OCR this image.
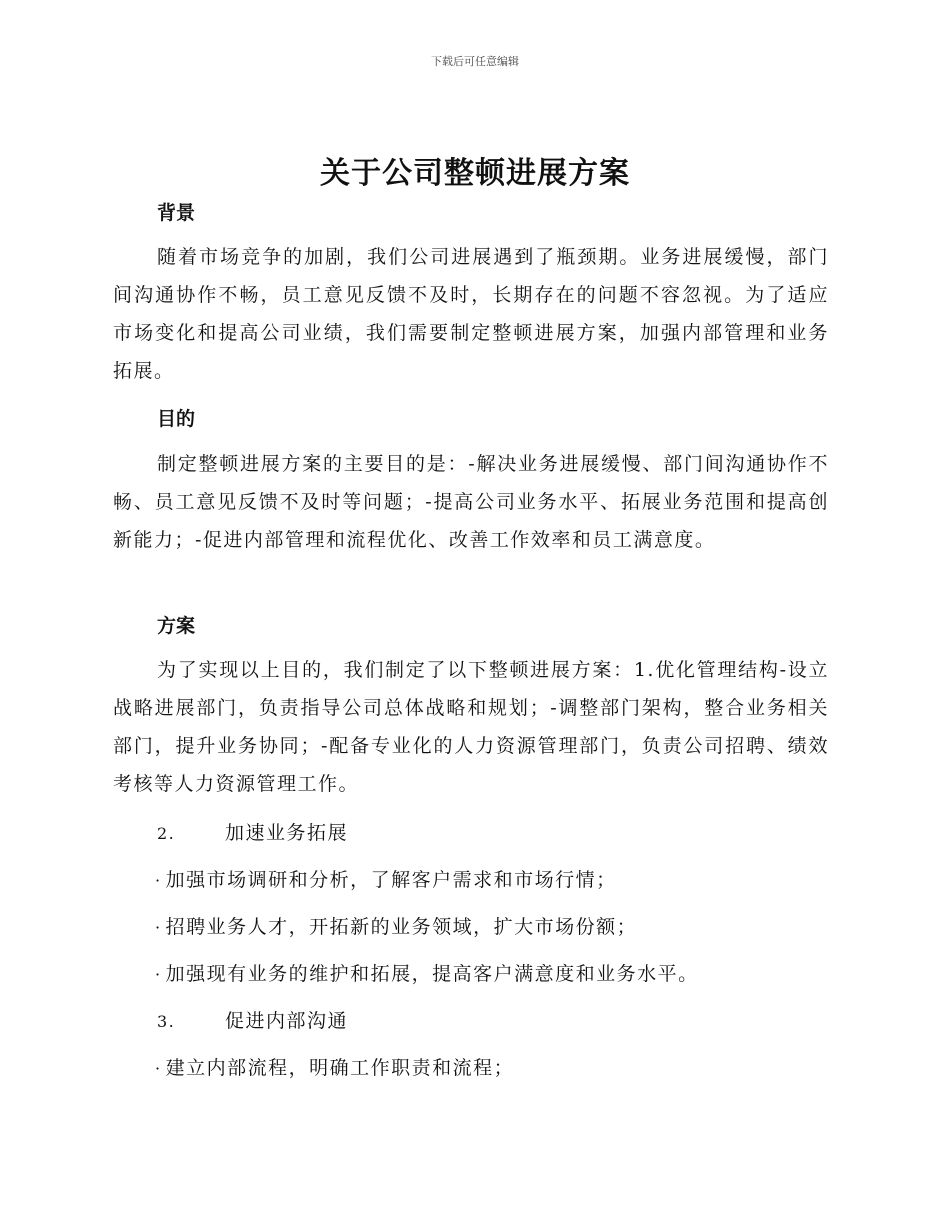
下载后可任意编辑
关于公司整顿进展方案
背景

随着市场竞争的加剧，我们公司进展遇到了瓶颈期。业务进展缓慢，部门间沟通协作不畅，员工意见反馈不及时，长期存在的问题不容忽视。为了适应市场变化和提高公司业绩，我们需要制定整顿进展方案，加强内部管理和业务拓展。

目的

制定整顿进展方案的主要目的是：-解决业务进展缓慢、部门间沟通协作不畅、员工意见反馈不及时等问题；-提高公司业务水平、拓展业务范围和提高创新能力；-促进内部管理和流程优化、改善工作效率和员工满意度。

方案

为了实现以上目的，我们制定了以下整顿进展方案：1.优化管理结构-设立战略进展部门，负责指导公司总体战略和规划；-调整部门架构，整合业务相关部门，提升业务协同；-配备专业化的人力资源管理部门，负责公司招聘、绩效考核等人力资源管理工作。

2.	加速业务拓展
· 加强市场调研和分析，了解客户需求和市场行情；
· 招聘业务人才，开拓新的业务领域，扩大市场份额；
· 加强现有业务的维护和拓展，提高客户满意度和业务水平。
3.	促进内部沟通
· 建立内部流程，明确工作职责和流程；
